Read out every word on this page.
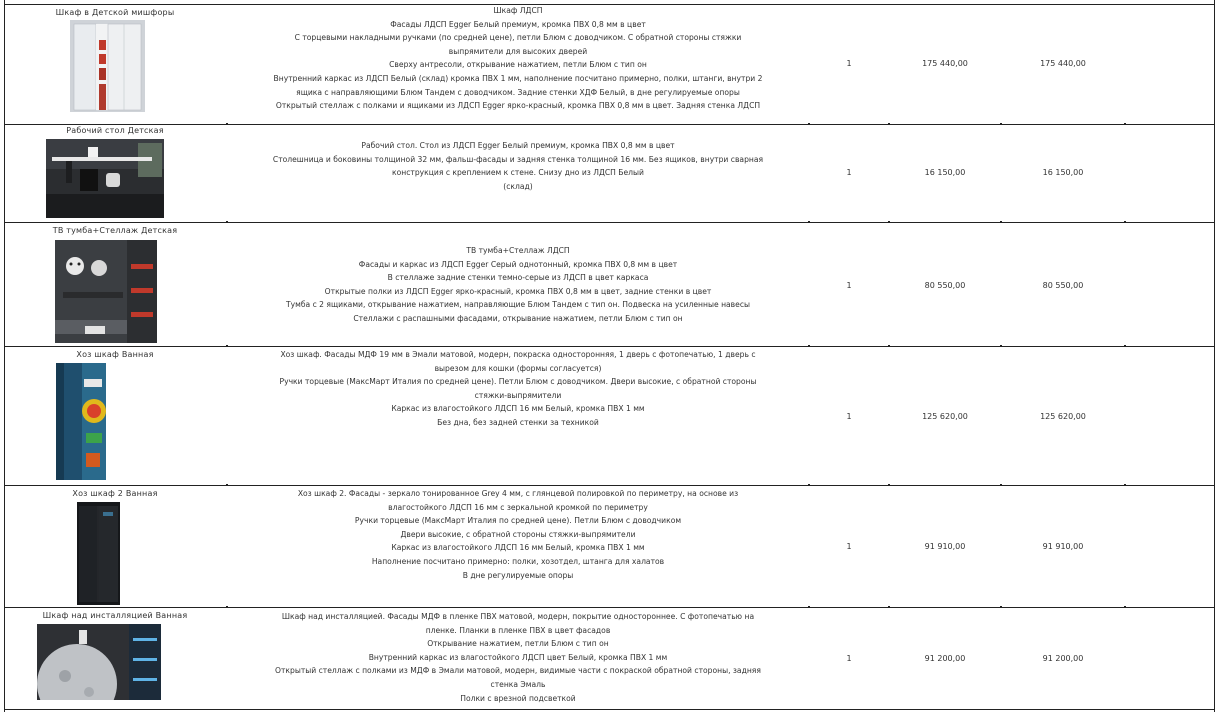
Шкаф в Детской мишфоры	Шкаф ЛДСП
Фасады ЛДСП Egger Белый премиум, кромка ПВХ 0,8 мм в цвет
С торцевыми накладными ручками (по средней цене), петли Блюм с доводчиком. С обратной стороны стяжки
выпрямители для высоких дверей
Сверху антресоли, открывание нажатием, петли Блюм с тип он
Внутренний каркас из ЛДСП Белый (склад) кромка ПВХ 1 мм, наполнение посчитано примерно, полки, штанги, внутри 2
ящика с направляющими Блюм Тандем с доводчиком. Задние стенки ХДФ Белый, в дне регулируемые опоры
Открытый стеллаж с полками и ящиками из ЛДСП Egger ярко-красный, кромка ПВХ 0,8 мм в цвет. Задняя стенка ЛДСП
1	175 440,00	175 440,00
Рабочий стол Детская
Рабочий стол. Стол из ЛДСП Egger Белый премиум, кромка ПВХ 0,8 мм в цвет
Столешница и боковины толщиной 32 мм, фальш-фасады и задняя стенка толщиной 16 мм. Без ящиков, внутри сварная
конструкция с креплением к стене. Снизу дно из ЛДСП Белый
(склад)
1	16 150,00	16 150,00
ТВ тумба+Стеллаж Детская
ТВ тумба+Стеллаж ЛДСП
Фасады и каркас из ЛДСП Egger Серый однотонный, кромка ПВХ 0,8 мм в цвет
В стеллаже задние стенки темно-серые из ЛДСП в цвет каркаса
Открытые полки из ЛДСП Egger ярко-красный, кромка ПВХ 0,8 мм в цвет, задние стенки в цвет
Тумба с 2 ящиками, открывание нажатием, направляющие Блюм Тандем с тип он. Подвеска на усиленные навесы
Стеллажи с распашными фасадами, открывание нажатием, петли Блюм с тип он
1	80 550,00	80 550,00
Хоз шкаф Ванная	Хоз шкаф. Фасады МДФ 19 мм в Эмали матовой, модерн, покраска односторонняя, 1 дверь с фотопечатью, 1 дверь с
вырезом для кошки (формы согласуется)
Ручки торцевые (МаксМарт Италия по средней цене). Петли Блюм с доводчиком. Двери высокие, с обратной стороны
стяжки-выпрямители
Каркас из влагостойкого ЛДСП 16 мм Белый, кромка ПВХ 1 мм
Без дна, без задней стенки за техникой
1	125 620,00	125 620,00
Хоз шкаф 2 Ванная	Хоз шкаф 2. Фасады - зеркало тонированное Grey 4 мм, с глянцевой полировкой по периметру, на основе из
влагостойкого ЛДСП 16 мм с зеркальной кромкой по периметру
Ручки торцевые (МаксМарт Италия по средней цене). Петли Блюм с доводчиком
Двери высокие, с обратной стороны стяжки-выпрямители
Каркас из влагостойкого ЛДСП 16 мм Белый, кромка ПВХ 1 мм
Наполнение посчитано примерно: полки, хозотдел, штанга для халатов
В дне регулируемые опоры
1	91 910,00	91 910,00
Шкаф над инсталляцией Ванная	Шкаф над инсталляцией. Фасады МДФ в пленке ПВХ матовой, модерн, покрытие одностороннее. С фотопечатью на
пленке. Планки в пленке ПВХ в цвет фасадов
Открывание нажатием, петли Блюм с тип он
Внутренний каркас из влагостойкого ЛДСП цвет Белый, кромка ПВХ 1 мм
Открытый стеллаж с полками из МДФ в Эмали матовой, модерн, видимые части с покраской обратной стороны, задняя
стенка Эмаль
Полки с врезной подсветкой
1	91 200,00	91 200,00
